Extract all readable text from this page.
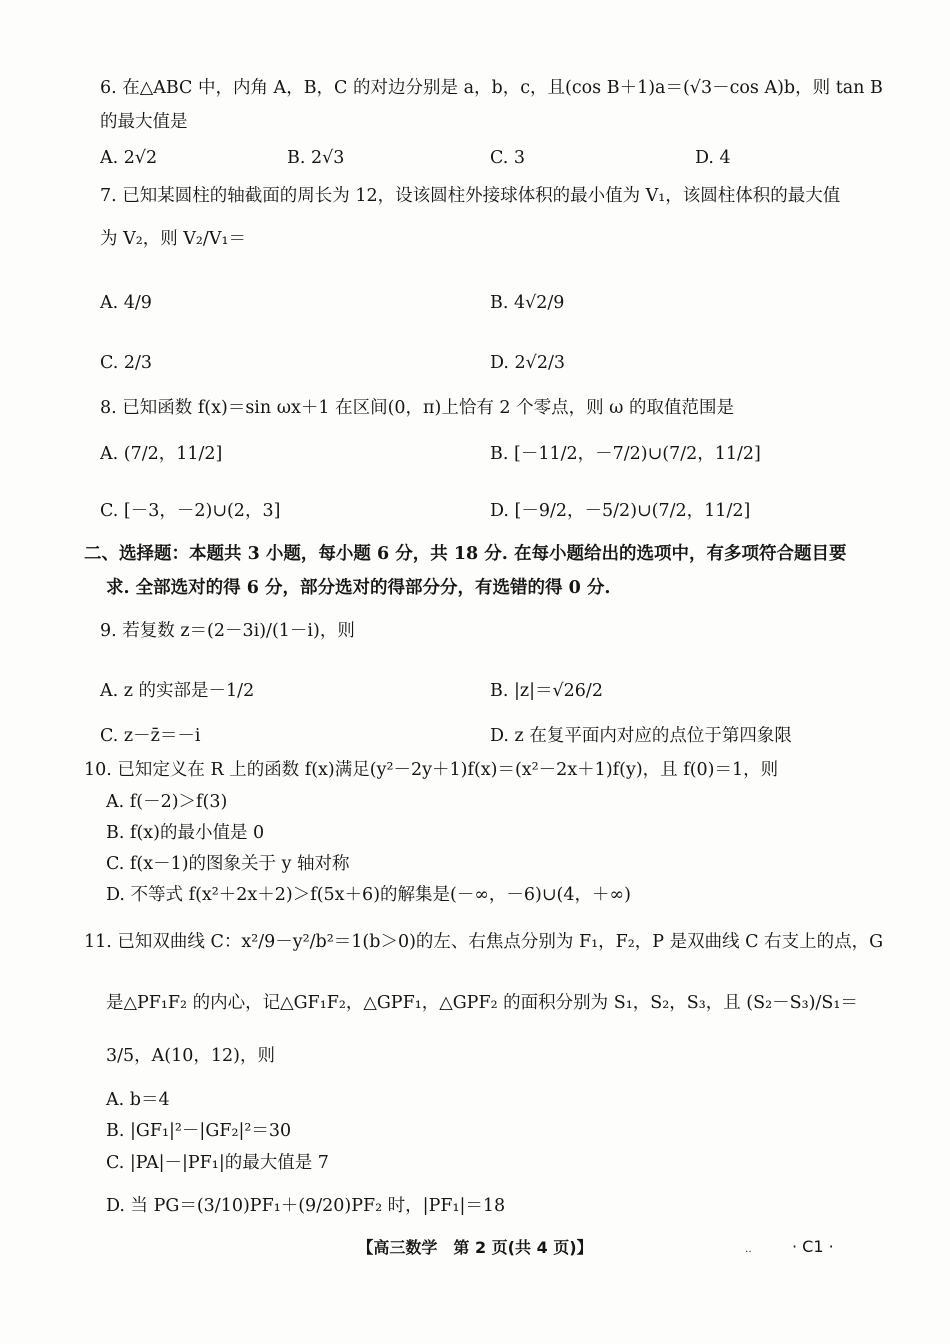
6. 在△ABC 中，内角 A，B，C 的对边分别是 a，b，c，且(cos B＋1)a＝(√3－cos A)b，则 tan B
的最大值是
A. 2√2	B. 2√3	C. 3	D. 4
7. 已知某圆柱的轴截面的周长为 12，设该圆柱外接球体积的最小值为 V₁，该圆柱体积的最大值
为 V₂，则 V₂/V₁＝
A. 4/9	B. 4√2/9
C. 2/3	D. 2√2/3
8. 已知函数 f(x)＝sin ωx＋1 在区间(0，π)上恰有 2 个零点，则 ω 的取值范围是
A. (7/2，11/2]	B. [－11/2，－7/2)∪(7/2，11/2]
C. [－3，－2)∪(2，3]	D. [－9/2，－5/2)∪(7/2，11/2]
二、选择题：本题共 3 小题，每小题 6 分，共 18 分. 在每小题给出的选项中，有多项符合题目要
求. 全部选对的得 6 分，部分选对的得部分分，有选错的得 0 分.
9. 若复数 z＝(2－3i)/(1－i)，则
A. z 的实部是－1/2	B. |z|＝√26/2
C. z－z̄＝－i	D. z 在复平面内对应的点位于第四象限
10. 已知定义在 R 上的函数 f(x)满足(y²－2y＋1)f(x)＝(x²－2x＋1)f(y)，且 f(0)＝1，则
A. f(－2)＞f(3)
B. f(x)的最小值是 0
C. f(x－1)的图象关于 y 轴对称
D. 不等式 f(x²＋2x＋2)＞f(5x＋6)的解集是(－∞，－6)∪(4，＋∞)
11. 已知双曲线 C：x²/9－y²/b²＝1(b＞0)的左、右焦点分别为 F₁，F₂，P 是双曲线 C 右支上的点，G
是△PF₁F₂ 的内心，记△GF₁F₂，△GPF₁，△GPF₂ 的面积分别为 S₁，S₂，S₃，且 (S₂－S₃)/S₁＝
3/5，A(10，12)，则
A. b＝4
B. |GF₁|²－|GF₂|²＝30
C. |PA|－|PF₁|的最大值是 7
D. 当 PG＝(3/10)PF₁＋(9/20)PF₂ 时，|PF₁|＝18
【高三数学　第 2 页(共 4 页)】	‥	· C1 ·
